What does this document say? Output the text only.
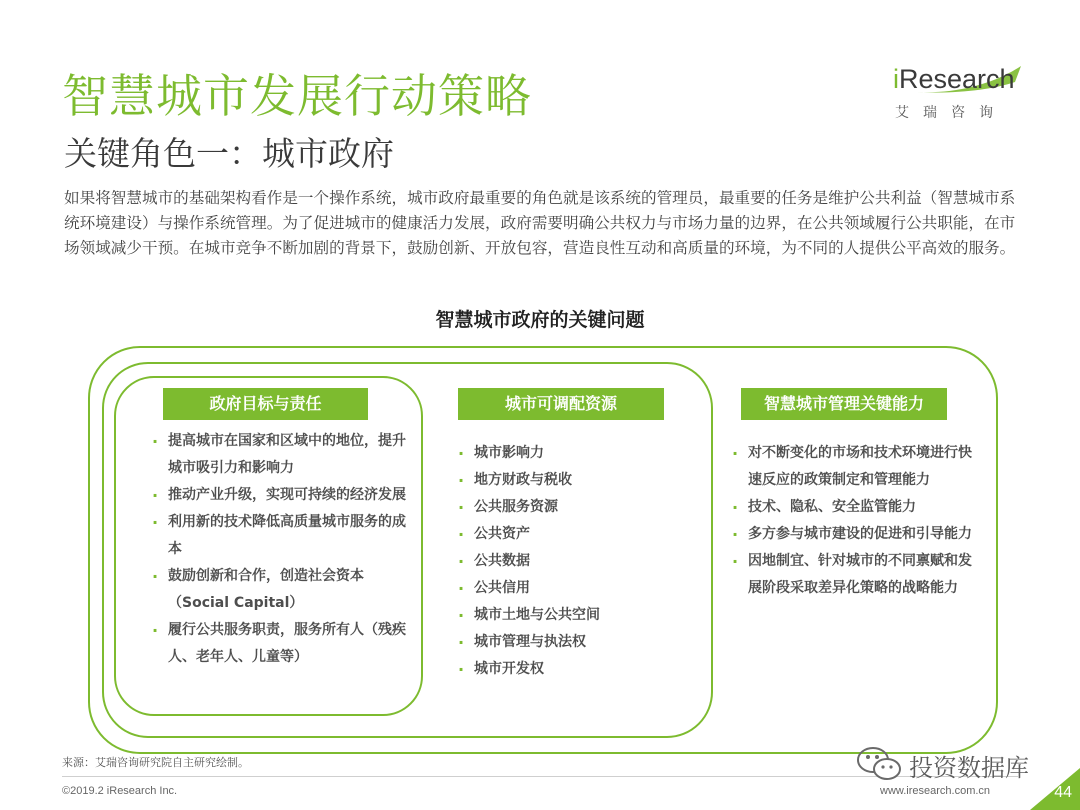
智慧城市发展行动策略
关键角色一：城市政府
iResearch
艾瑞咨询
如果将智慧城市的基础架构看作是一个操作系统，城市政府最重要的角色就是该系统的管理员，最重要的任务是维护公共利益（智慧城市系统环境建设）与操作系统管理。为了促进城市的健康活力发展，政府需要明确公共权力与市场力量的边界，在公共领域履行公共职能，在市场领域减少干预。在城市竞争不断加剧的背景下，鼓励创新、开放包容，营造良性互动和高质量的环境，为不同的人提供公平高效的服务。
智慧城市政府的关键问题
政府目标与责任	城市可调配资源	智慧城市管理关键能力
· 提高城市在国家和区域中的地位，提升城市吸引力和影响力
· 推动产业升级，实现可持续的经济发展
· 利用新的技术降低高质量城市服务的成本
· 鼓励创新和合作，创造社会资本（Social Capital）
· 履行公共服务职责，服务所有人（残疾人、老年人、儿童等）
· 城市影响力
· 地方财政与税收
· 公共服务资源
· 公共资产
· 公共数据
· 公共信用
· 城市土地与公共空间
· 城市管理与执法权
· 城市开发权
· 对不断变化的市场和技术环境进行快速反应的政策制定和管理能力
· 技术、隐私、安全监管能力
· 多方参与城市建设的促进和引导能力
· 因地制宜、针对城市的不同禀赋和发展阶段采取差异化策略的战略能力
来源：艾瑞咨询研究院自主研究绘制。
©2019.2 iResearch Inc.	www.iresearch.com.cn
投资数据库
44
